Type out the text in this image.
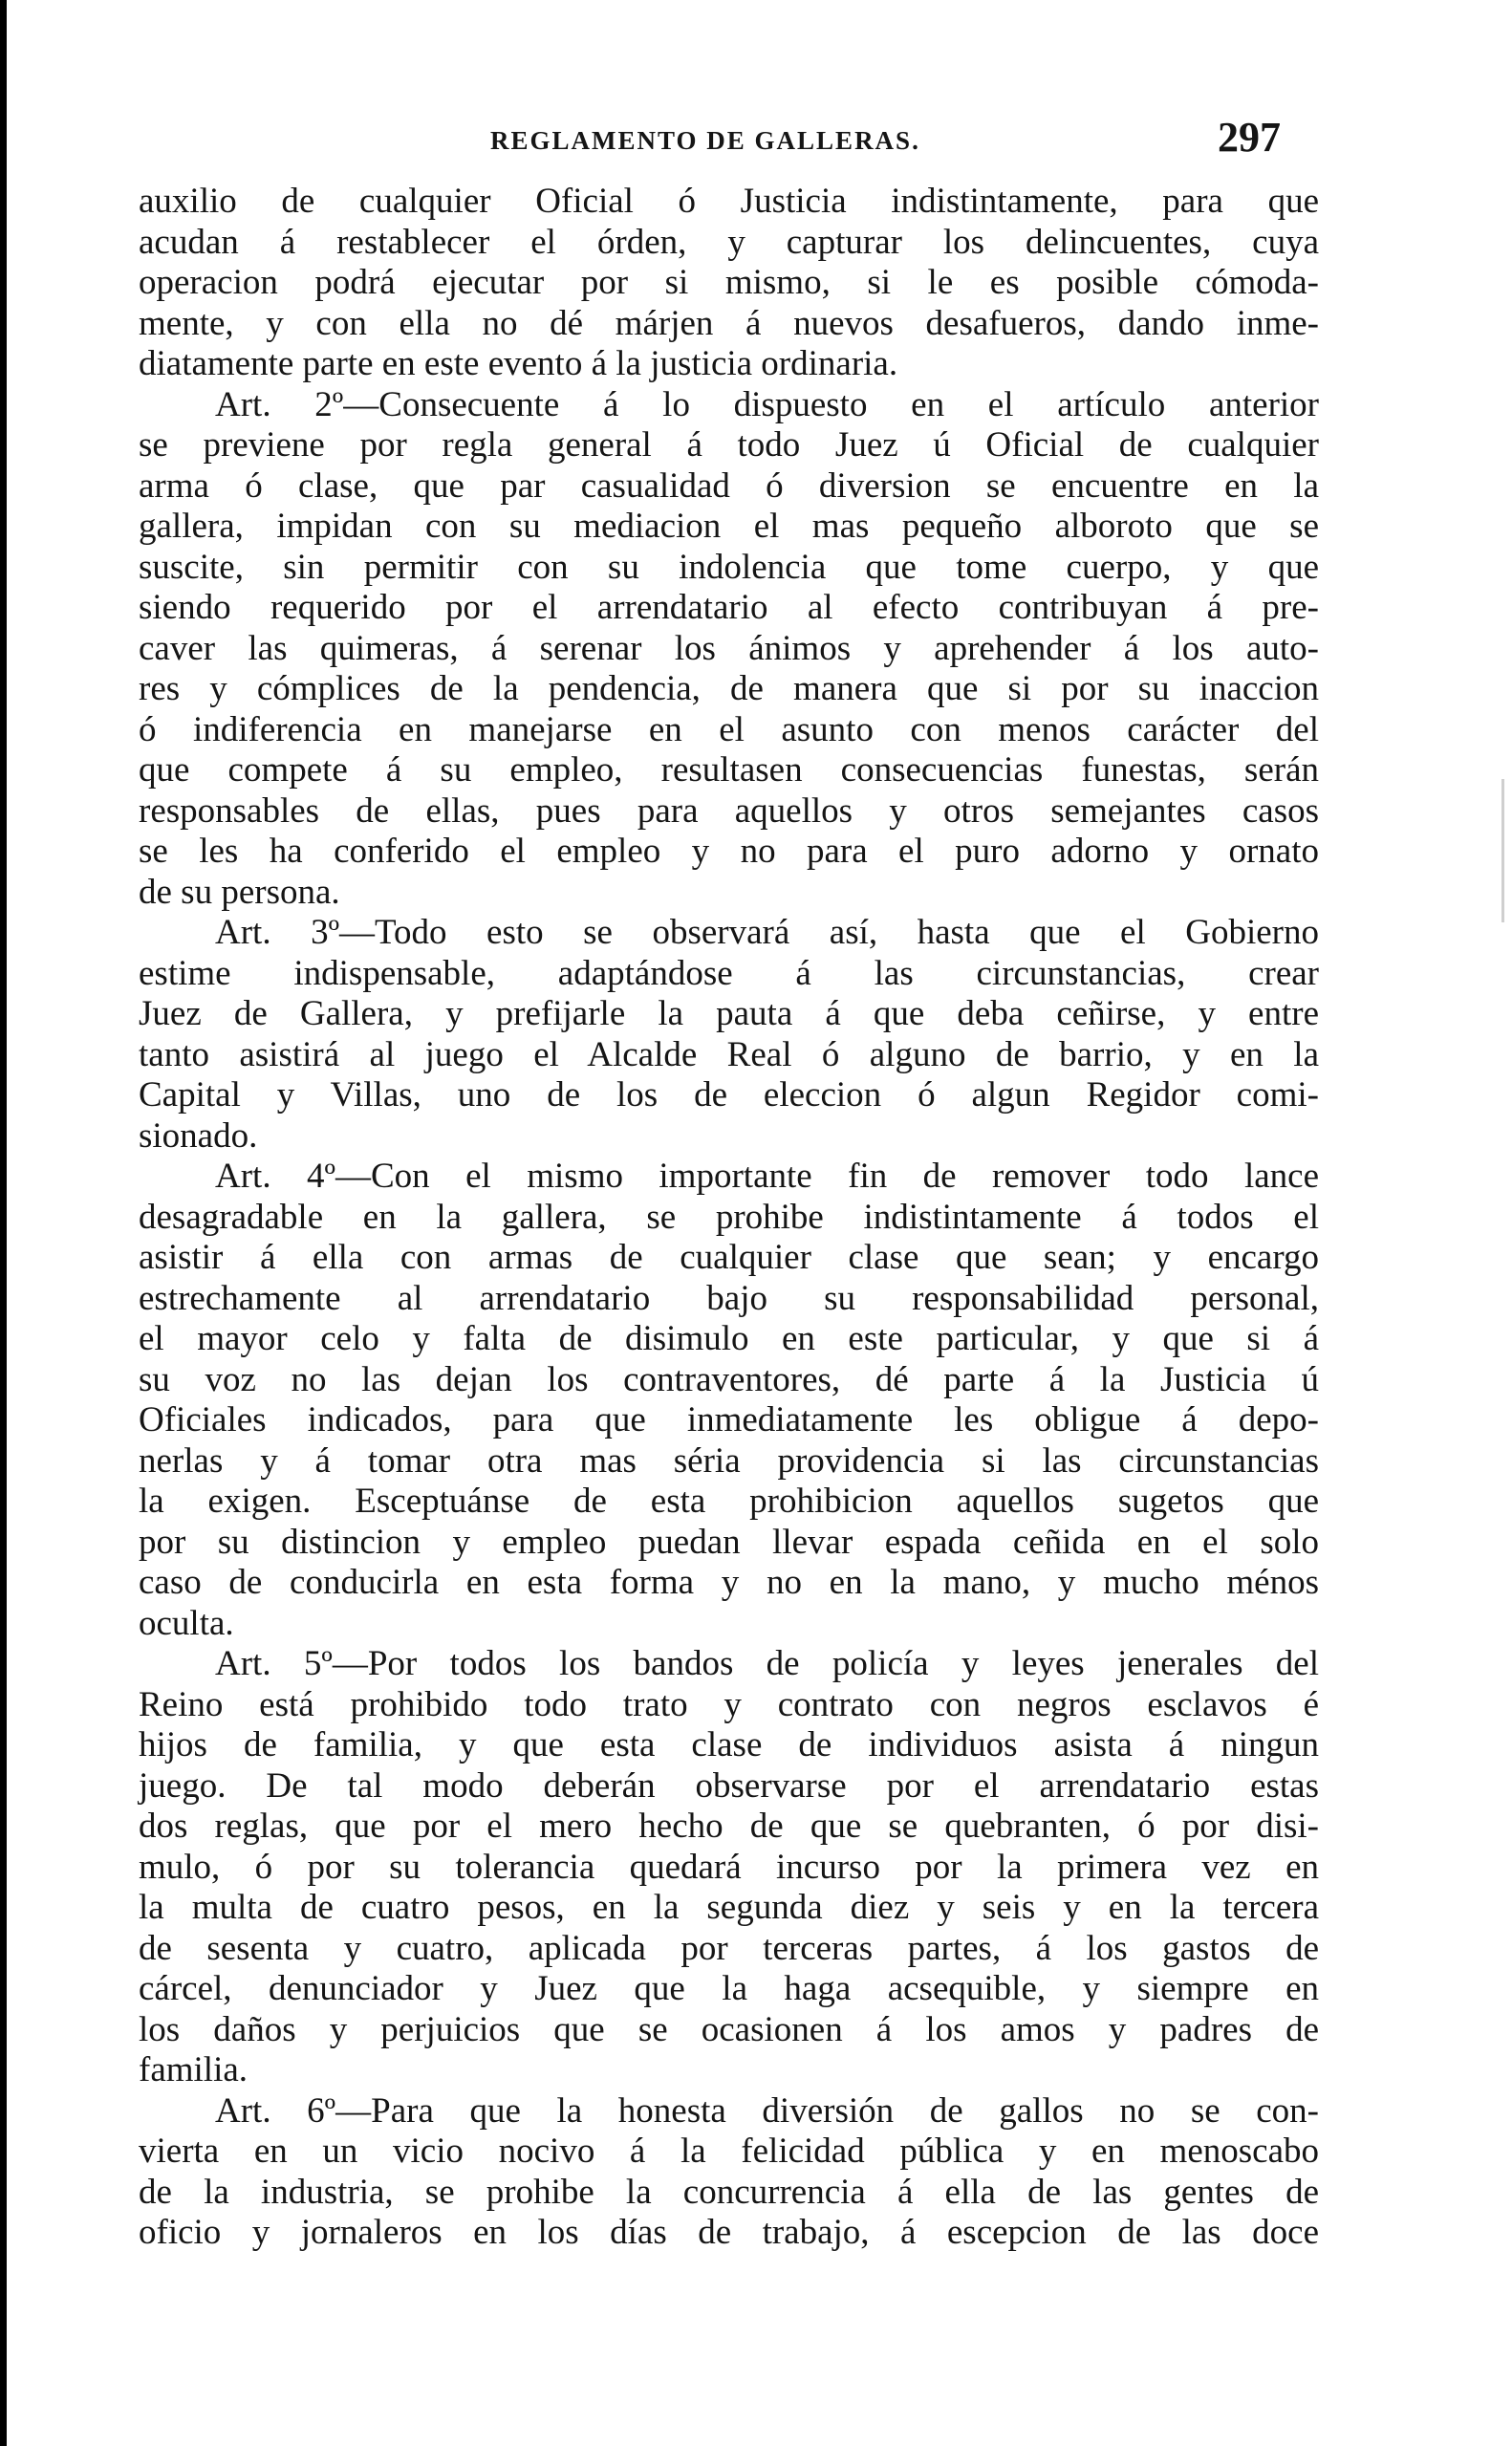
REGLAMENTO DE GALLERAS.	297
auxilio de cualquier Oficial ó Justicia indistintamente, para que
acudan á restablecer el órden, y capturar los delincuentes, cuya
operacion podrá ejecutar por si mismo, si le es posible cómoda-
mente, y con ella no dé márjen á nuevos desafueros, dando inme-
diatamente parte en este evento á la justicia ordinaria.
Art. 2º—Consecuente á lo dispuesto en el artículo anterior
se previene por regla general á todo Juez ú Oficial de cualquier
arma ó clase, que par casualidad ó diversion se encuentre en la
gallera, impidan con su mediacion el mas pequeño alboroto que se
suscite, sin permitir con su indolencia que tome cuerpo, y que
siendo requerido por el arrendatario al efecto contribuyan á pre-
caver las quimeras, á serenar los ánimos y aprehender á los auto-
res y cómplices de la pendencia, de manera que si por su inaccion
ó indiferencia en manejarse en el asunto con menos carácter del
que compete á su empleo, resultasen consecuencias funestas, serán
responsables de ellas, pues para aquellos y otros semejantes casos
se les ha conferido el empleo y no para el puro adorno y ornato
de su persona.
Art. 3º—Todo esto se observará así, hasta que el Gobierno
estime indispensable, adaptándose á las circunstancias, crear
Juez de Gallera, y prefijarle la pauta á que deba ceñirse, y entre
tanto asistirá al juego el Alcalde Real ó alguno de barrio, y en la
Capital y Villas, uno de los de eleccion ó algun Regidor comi-
sionado.
Art. 4º—Con el mismo importante fin de remover todo lance
desagradable en la gallera, se prohibe indistintamente á todos el
asistir á ella con armas de cualquier clase que sean; y encargo
estrechamente al arrendatario bajo su responsabilidad personal,
el mayor celo y falta de disimulo en este particular, y que si á
su voz no las dejan los contraventores, dé parte á la Justicia ú
Oficiales indicados, para que inmediatamente les obligue á depo-
nerlas y á tomar otra mas séria providencia si las circunstancias
la exigen. Esceptuánse de esta prohibicion aquellos sugetos que
por su distincion y empleo puedan llevar espada ceñida en el solo
caso de conducirla en esta forma y no en la mano, y mucho ménos
oculta.
Art. 5º—Por todos los bandos de policía y leyes jenerales del
Reino está prohibido todo trato y contrato con negros esclavos é
hijos de familia, y que esta clase de individuos asista á ningun
juego. De tal modo deberán observarse por el arrendatario estas
dos reglas, que por el mero hecho de que se quebranten, ó por disi-
mulo, ó por su tolerancia quedará incurso por la primera vez en
la multa de cuatro pesos, en la segunda diez y seis y en la tercera
de sesenta y cuatro, aplicada por terceras partes, á los gastos de
cárcel, denunciador y Juez que la haga acsequible, y siempre en
los daños y perjuicios que se ocasionen á los amos y padres de
familia.
Art. 6º—Para que la honesta diversión de gallos no se con-
vierta en un vicio nocivo á la felicidad pública y en menoscabo
de la industria, se prohibe la concurrencia á ella de las gentes de
oficio y jornaleros en los días de trabajo, á escepcion de las doce
